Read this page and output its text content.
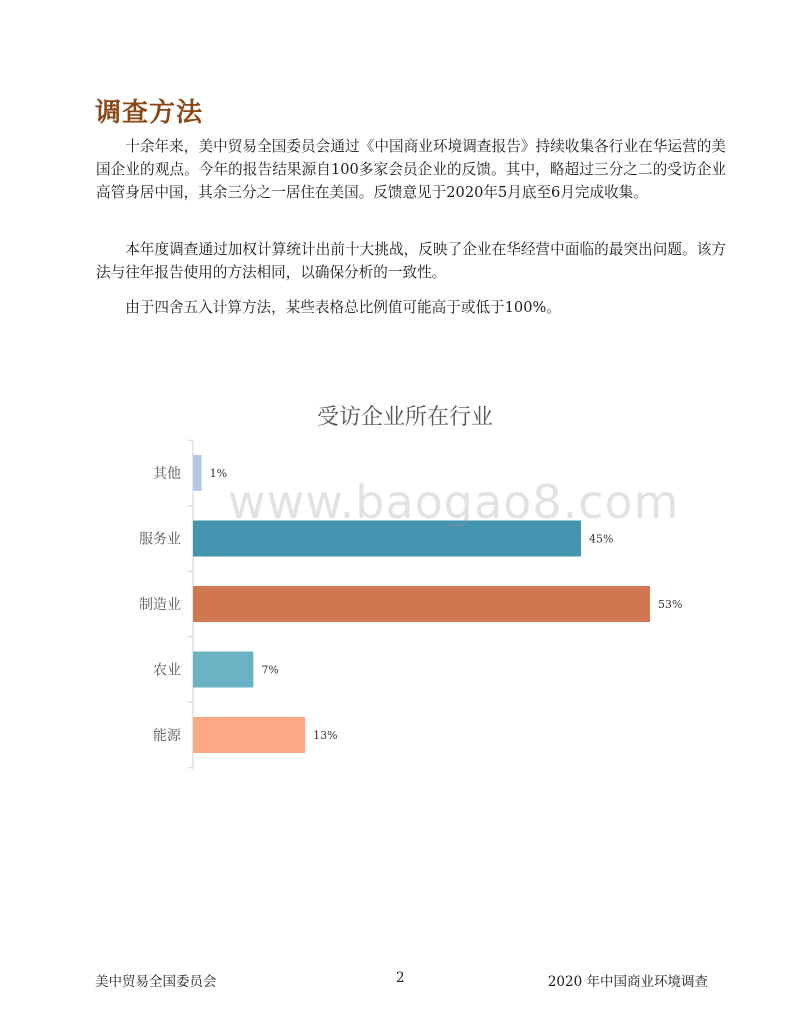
调查方法
十余年来，美中贸易全国委员会通过《中国商业环境调查报告》持续收集各行业在华运营的美国企业的观点。今年的报告结果源自100多家会员企业的反馈。其中，略超过三分之二的受访企业高管身居中国，其余三分之一居住在美国。反馈意见于2020年5月底至6月完成收集。
本年度调查通过加权计算统计出前十大挑战，反映了企业在华经营中面临的最突出问题。该方法与往年报告使用的方法相同，以确保分析的一致性。
由于四舍五入计算方法，某些表格总比例值可能高于或低于100%。
受访企业所在行业
其他	1%
服务业	45%
制造业	53%
农业	7%
能源	13%
www.baogao8.com
美中贸易全国委员会	2	2020 年中国商业环境调查
